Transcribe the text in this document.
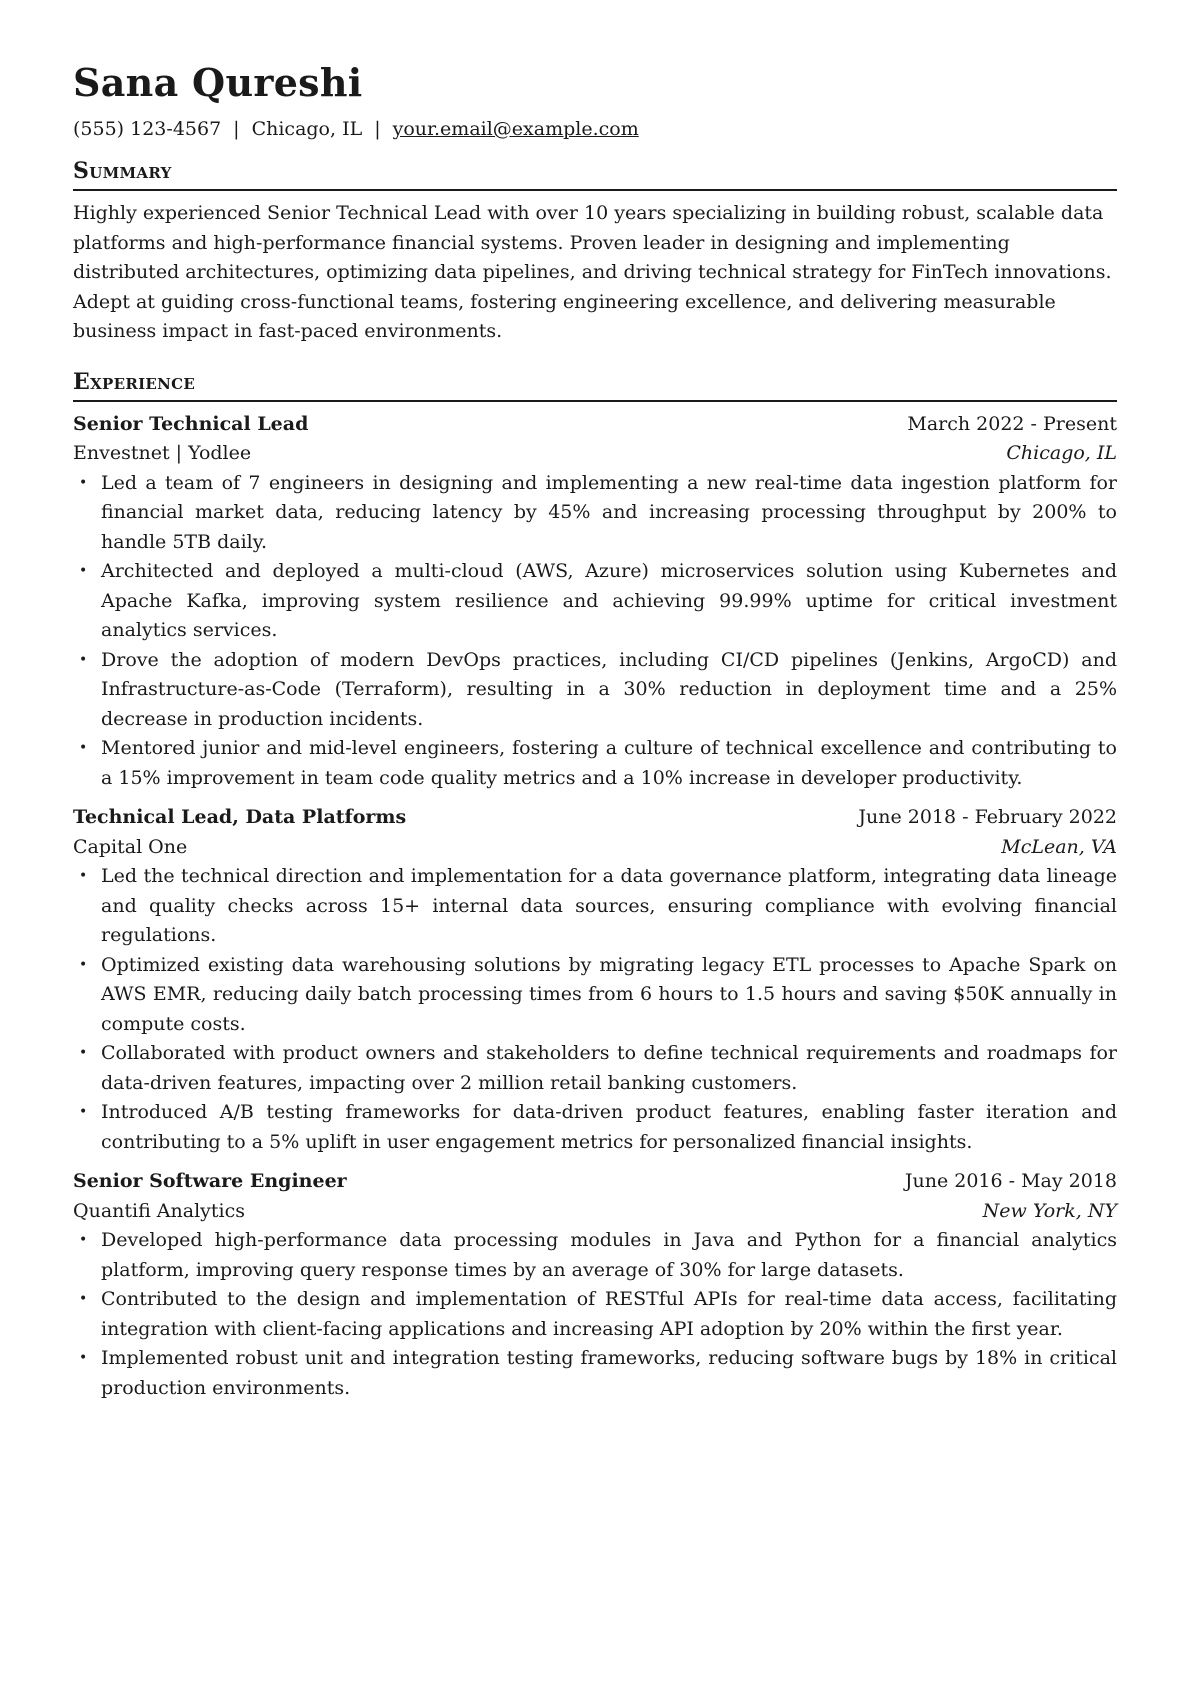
Sana Qureshi
(555) 123-4567 | Chicago, IL | your.email@example.com
Summary

Highly experienced Senior Technical Lead with over 10 years specializing in building robust, scalable data platforms and high-performance financial systems. Proven leader in designing and implementing distributed architectures, optimizing data pipelines, and driving technical strategy for FinTech innovations. Adept at guiding cross-functional teams, fostering engineering excellence, and delivering measurable business impact in fast-paced environments.

Experience
Senior Technical Lead	March 2022 - Present
Envestnet | Yodlee	Chicago, IL
• Led a team of 7 engineers in designing and implementing a new real-time data ingestion platform for financial market data, reducing latency by 45% and increasing processing throughput by 200% to handle 5TB daily.
• Architected and deployed a multi-cloud (AWS, Azure) microservices solution using Kubernetes and Apache Kafka, improving system resilience and achieving 99.99% uptime for critical investment analytics services.
• Drove the adoption of modern DevOps practices, including CI/CD pipelines (Jenkins, ArgoCD) and Infrastructure-as-Code (Terraform), resulting in a 30% reduction in deployment time and a 25% decrease in production incidents.
• Mentored junior and mid-level engineers, fostering a culture of technical excellence and contributing to a 15% improvement in team code quality metrics and a 10% increase in developer productivity.
Technical Lead, Data Platforms	June 2018 - February 2022
Capital One	McLean, VA
• Led the technical direction and implementation for a data governance platform, integrating data lineage and quality checks across 15+ internal data sources, ensuring compliance with evolving financial regulations.
• Optimized existing data warehousing solutions by migrating legacy ETL processes to Apache Spark on AWS EMR, reducing daily batch processing times from 6 hours to 1.5 hours and saving $50K annually in compute costs.
• Collaborated with product owners and stakeholders to define technical requirements and roadmaps for data-driven features, impacting over 2 million retail banking customers.
• Introduced A/B testing frameworks for data-driven product features, enabling faster iteration and contributing to a 5% uplift in user engagement metrics for personalized financial insights.
Senior Software Engineer	June 2016 - May 2018
Quantifi Analytics	New York, NY
• Developed high-performance data processing modules in Java and Python for a financial analytics platform, improving query response times by an average of 30% for large datasets.
• Contributed to the design and implementation of RESTful APIs for real-time data access, facilitating integration with client-facing applications and increasing API adoption by 20% within the first year.
• Implemented robust unit and integration testing frameworks, reducing software bugs by 18% in critical production environments.
